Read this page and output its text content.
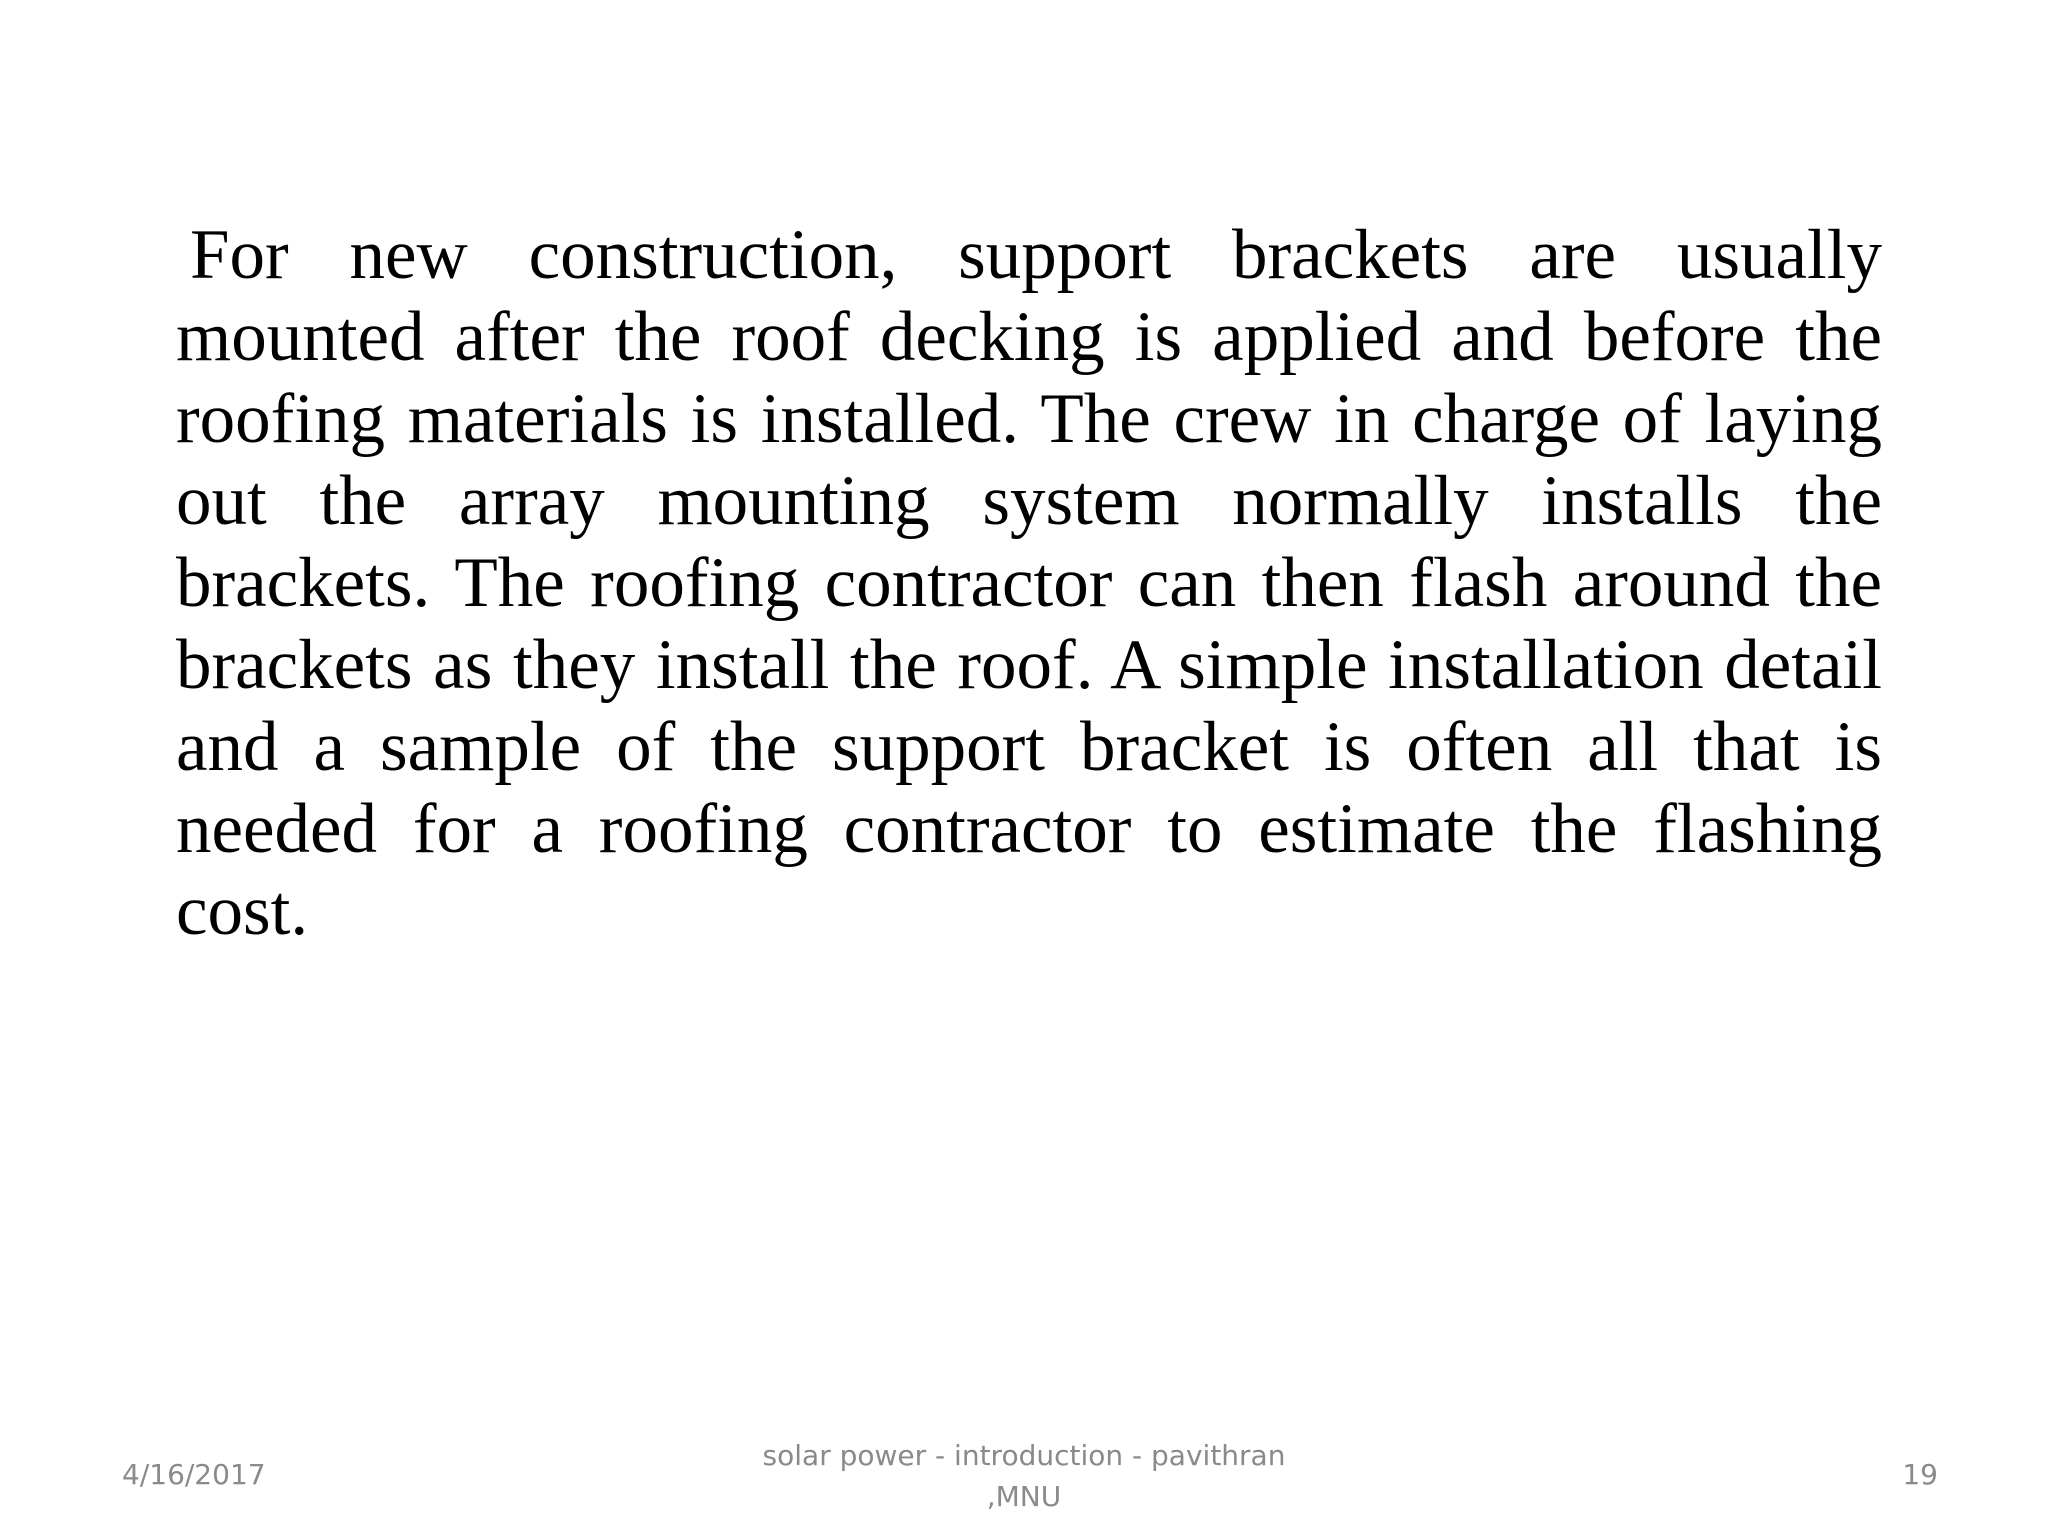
For new construction, support brackets are usually mounted after the roof decking is applied and before the roofing materials is installed. The crew in charge of laying out the array mounting system normally installs the brackets. The roofing contractor can then flash around the brackets as they install the roof. A simple installation detail and a sample of the support bracket is often all that is needed for a roofing contractor to estimate the flashing cost.

4/16/2017

solar power - introduction - pavithran
,MNU

19
